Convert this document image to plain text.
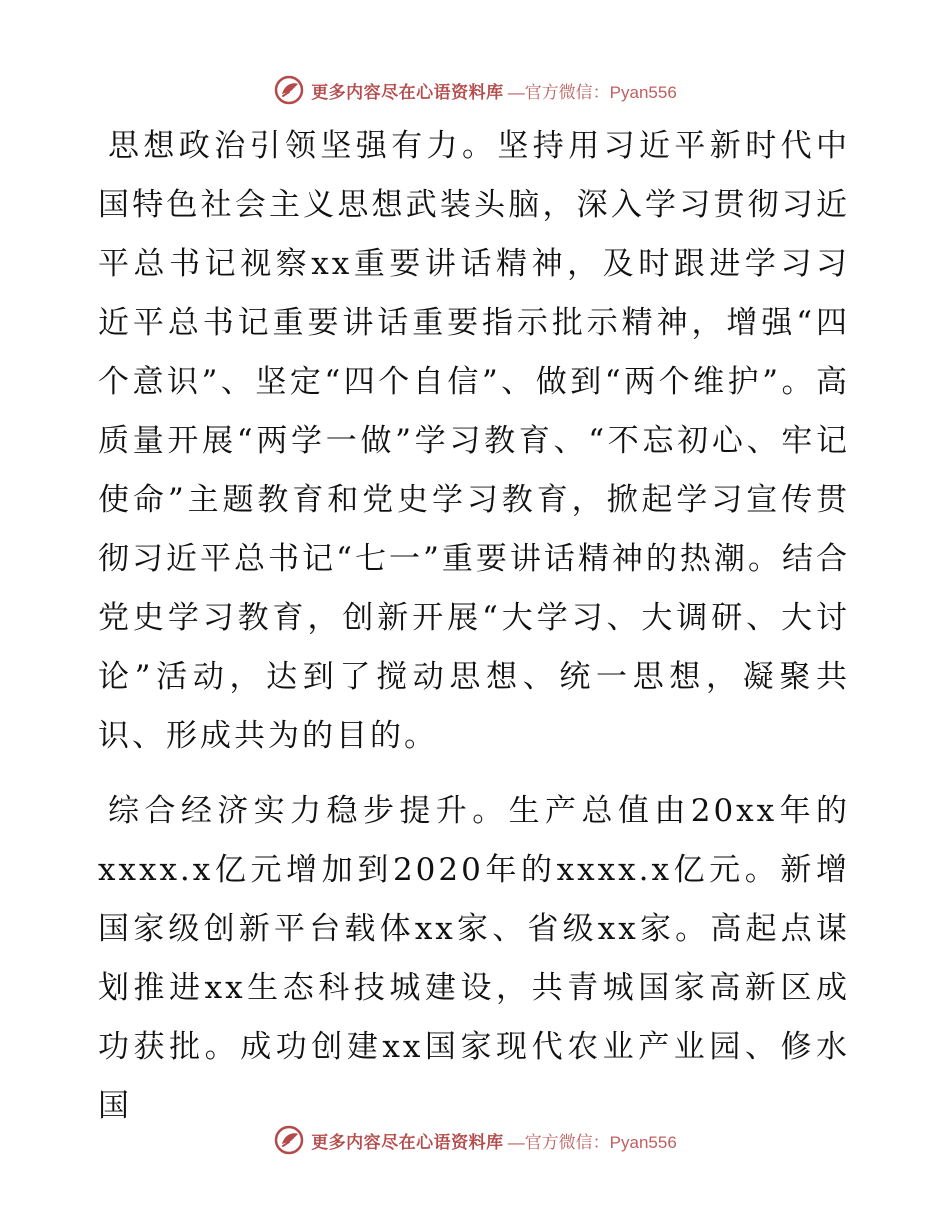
更多内容尽在心语资料库 —官方微信：Pyan556

思想政治引领坚强有力。坚持用习近平新时代中国特色社会主义思想武装头脑，深入学习贯彻习近平总书记视察xx重要讲话精神，及时跟进学习习近平总书记重要讲话重要指示批示精神，增强“四个意识”、坚定“四个自信”、做到“两个维护”。高质量开展“两学一做”学习教育、“不忘初心、牢记使命”主题教育和党史学习教育，掀起学习宣传贯彻习近平总书记“七一”重要讲话精神的热潮。结合党史学习教育，创新开展“大学习、大调研、大讨论”活动，达到了搅动思想、统一思想，凝聚共识、形成共为的目的。

综合经济实力稳步提升。生产总值由20xx年的xxxx.x亿元增加到2020年的xxxx.x亿元。新增国家级创新平台载体xx家、省级xx家。高起点谋划推进xx生态科技城建设，共青城国家高新区成功获批。成功创建xx国家现代农业产业园、修水国

更多内容尽在心语资料库 —官方微信：Pyan556
